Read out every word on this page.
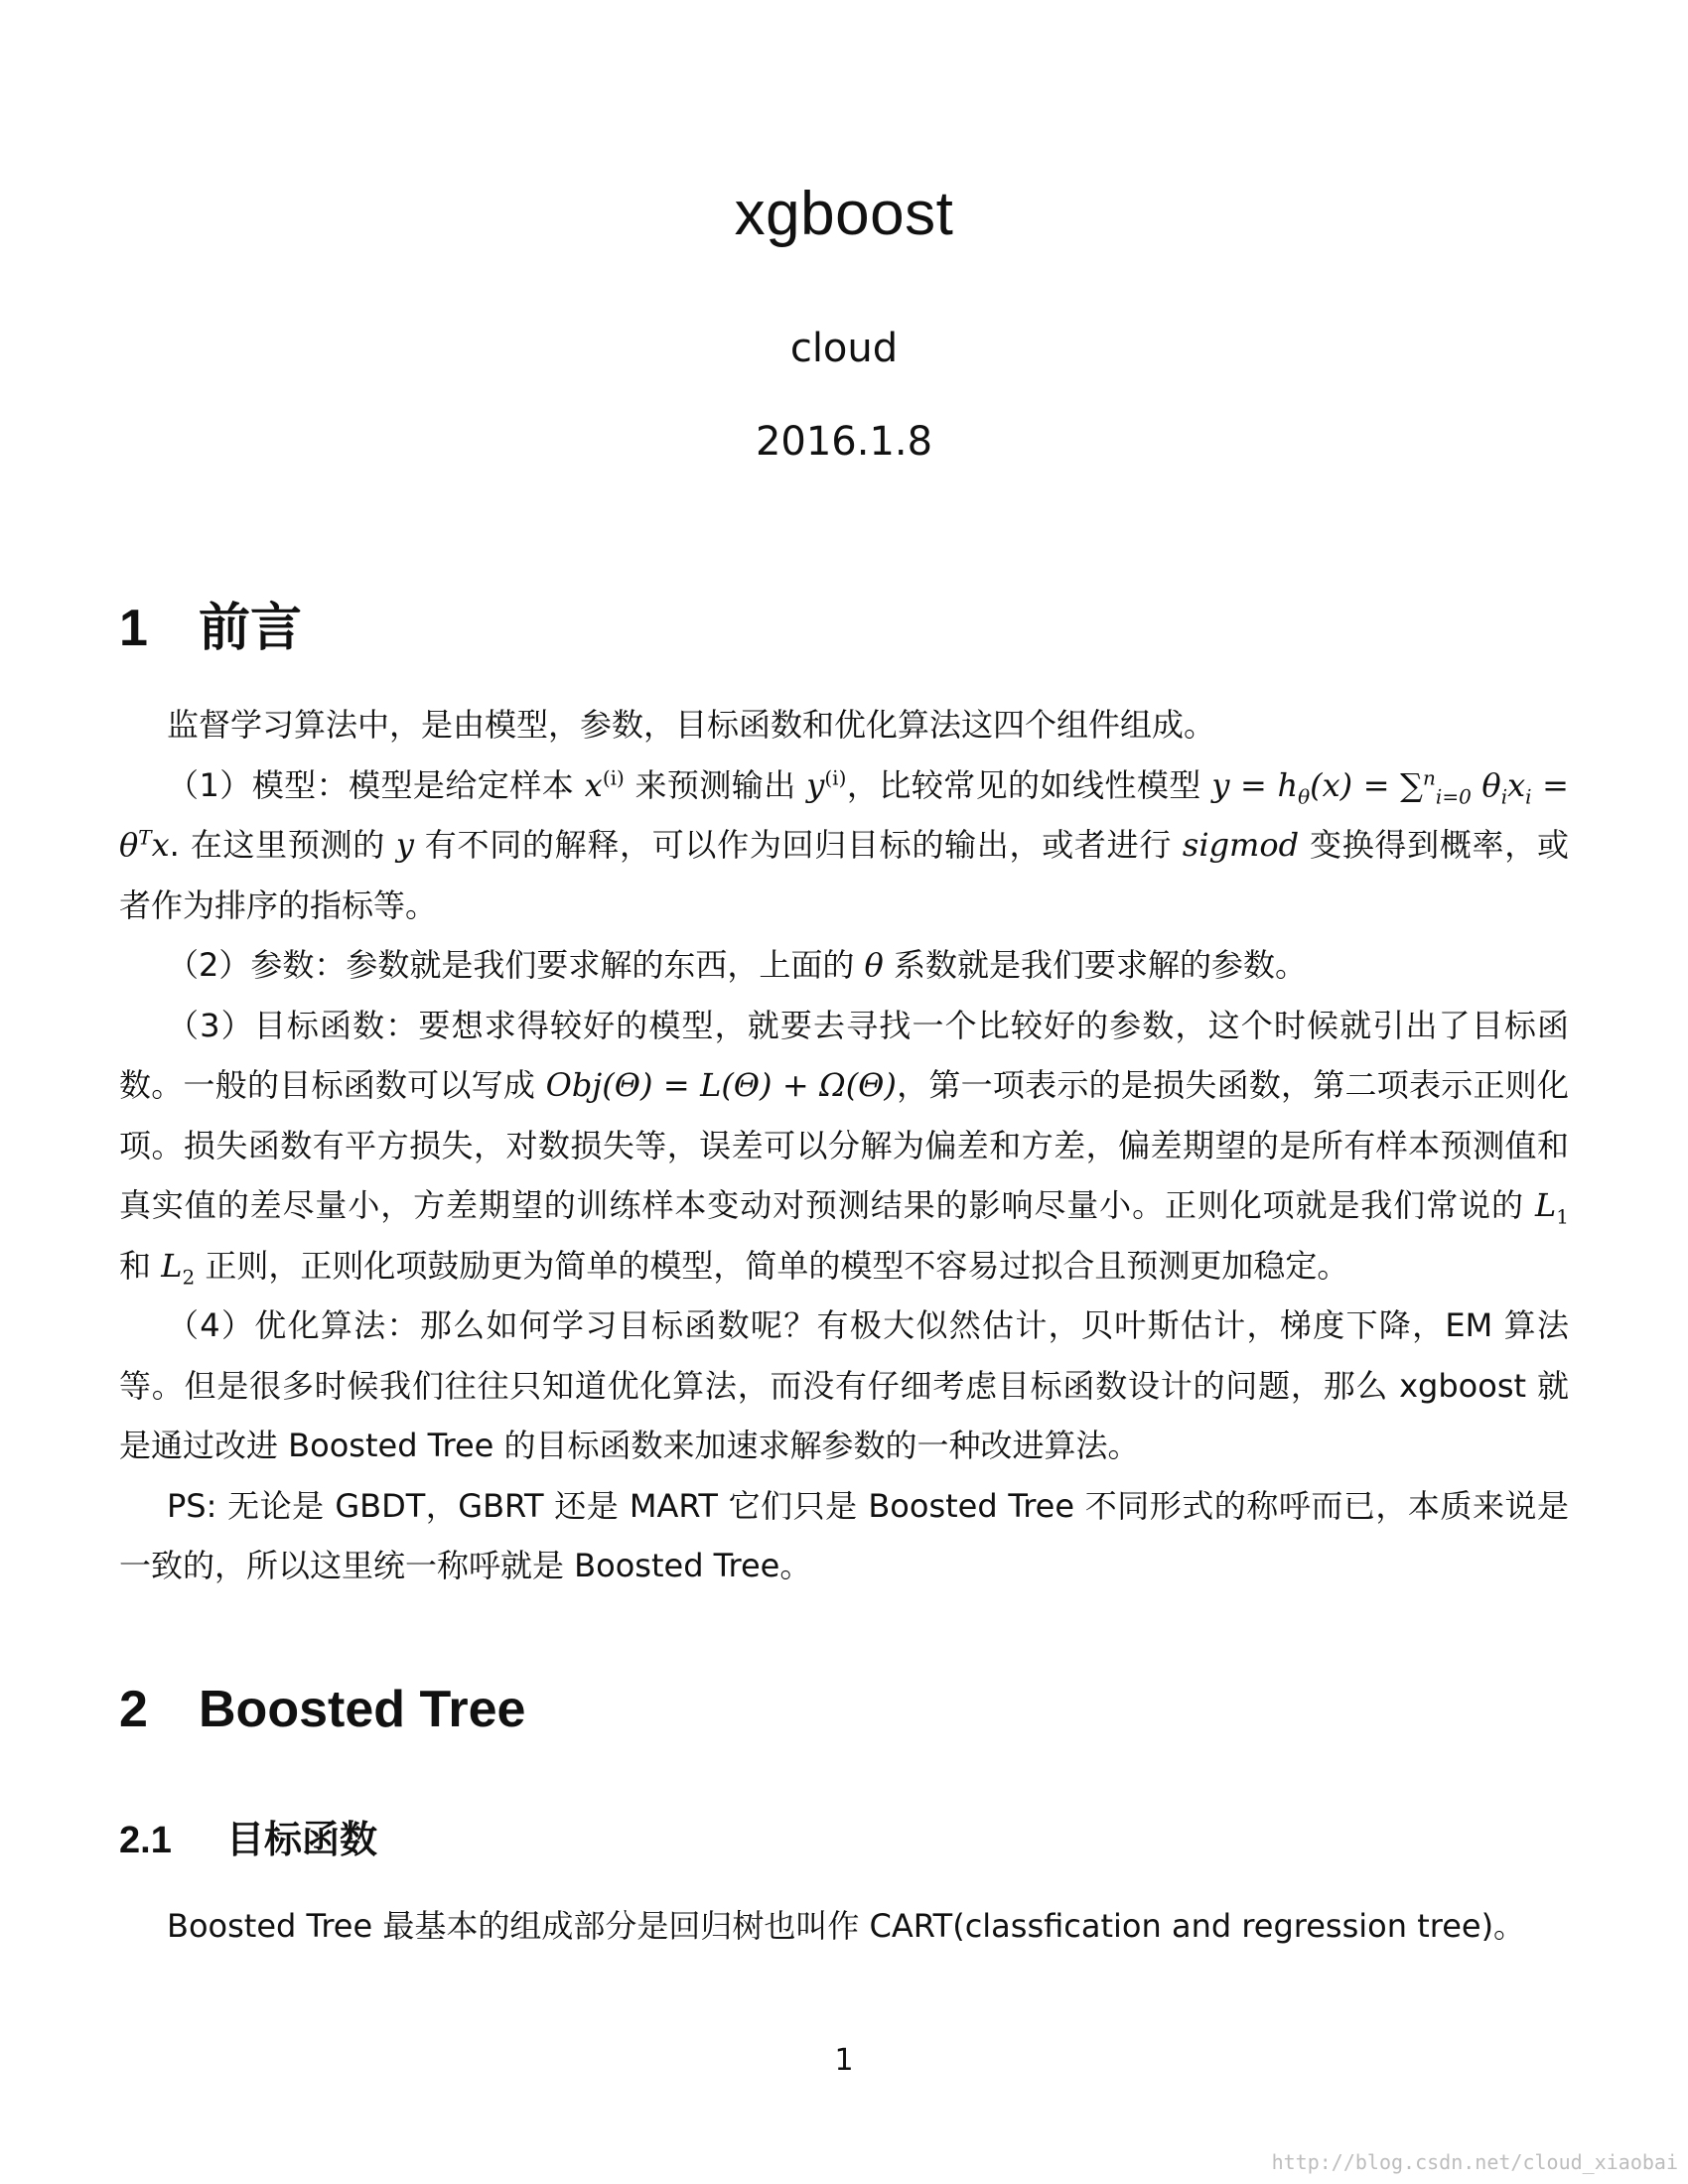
xgboost
cloud
2016.1.8
1 前言

监督学习算法中，是由模型，参数，目标函数和优化算法这四个组件组成。

（1）模型：模型是给定样本 $x^{(i)}$ 来预测输出 $y^{(i)}$，比较常见的如线性模型 $y = h_\theta(x) = \sum^n_{i=0}$ $\theta_ix_i = \theta^Tx$. 在这里预测的 y 有不同的解释，可以作为回归目标的输出，或者进行 sigmod 变换得到概率，或者作为排序的指标等。

（2）参数：参数就是我们要求解的东西，上面的 θ 系数就是我们要求解的参数。

（3）目标函数：要想求得较好的模型，就要去寻找一个比较好的参数，这个时候就引出了目标函数。一般的目标函数可以写成 Obj(Θ) = L(Θ) + Ω(Θ)，第一项表示的是损失函数，第二项表示正则化项。损失函数有平方损失，对数损失等，误差可以分解为偏差和方差，偏差期望的是所有样本预测值和真实值的差尽量小，方差期望的训练样本变动对预测结果的影响尽量小。正则化项就是我们常说的 $L_1$ 和 $L_2$ 正则，正则化项鼓励更为简单的模型，简单的模型不容易过拟合且预测更加稳定。

（4）优化算法：那么如何学习目标函数呢？有极大似然估计，贝叶斯估计，梯度下降，EM 算法等。但是很多时候我们往往只知道优化算法，而没有仔细考虑目标函数设计的问题，那么 xgboost 就是通过改进 Boosted Tree 的目标函数来加速求解参数的一种改进算法。

PS: 无论是 GBDT，GBRT 还是 MART 它们只是 Boosted Tree 不同形式的称呼而已，本质来说是一致的，所以这里统一称呼就是 Boosted Tree。

2 Boosted Tree
2.1 目标函数

Boosted Tree 最基本的组成部分是回归树也叫作 CART(classfication and regression tree)。

1
http://blog.csdn.net/cloud_xiaobai
